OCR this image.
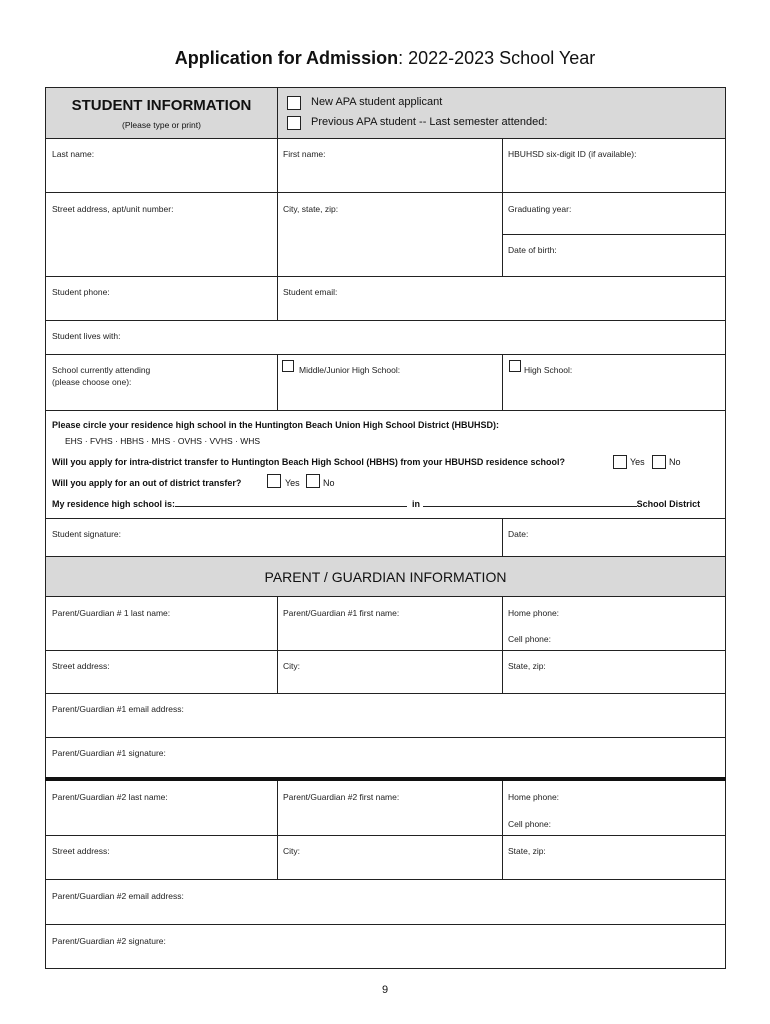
Application for Admission: 2022-2023 School Year
STUDENT INFORMATION
(Please type or print)
New APA student applicant
Previous APA student -- Last semester attended:
Last name:	First name:	HBUHSD six-digit ID (if available):
Street address, apt/unit number:	City, state, zip:	Graduating year:
Date of birth:
Student phone:	Student email:
Student lives with:
School currently attending
(please choose one):
Middle/Junior High School:	High School:
Please circle your residence high school in the Huntington Beach Union High School District (HBUHSD):
EHS · FVHS · HBHS · MHS · OVHS · VVHS · WHS
Will you apply for intra-district transfer to Huntington Beach High School (HBHS) from your HBUHSD residence school?	Yes	No
Will you apply for an out of district transfer?	Yes	No
My residence high school is:	in	School District
Student signature:	Date:
PARENT / GUARDIAN INFORMATION
Parent/Guardian # 1 last name:	Parent/Guardian #1 first name:	Home phone:
Cell phone:
Street address:	City:	State, zip:
Parent/Guardian #1 email address:
Parent/Guardian #1 signature:
Parent/Guardian #2 last name:	Parent/Guardian #2 first name:	Home phone:
Cell phone:
Street address:	City:	State, zip:
Parent/Guardian #2 email address:
Parent/Guardian #2 signature:
9
